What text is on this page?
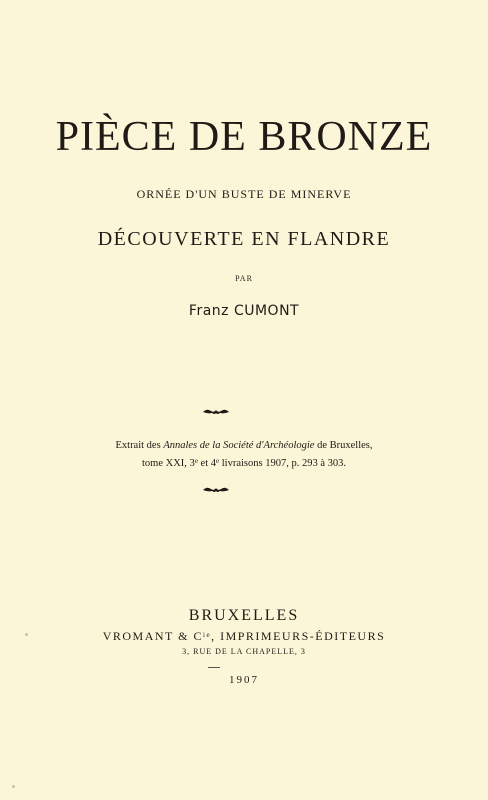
PIÈCE DE BRONZE
ORNÉE D'UN BUSTE DE MINERVE
DÉCOUVERTE EN FLANDRE
PAR
Franz CUMONT
Extrait des Annales de la Société d'Archéologie de Bruxelles,
tome XXI, 3e et 4e livraisons 1907, p. 293 à 303.
BRUXELLES
VROMANT & $C^{ie}$, IMPRIMEURS-ÉDITEURS
3, RUE DE LA CHAPELLE, 3
1907
